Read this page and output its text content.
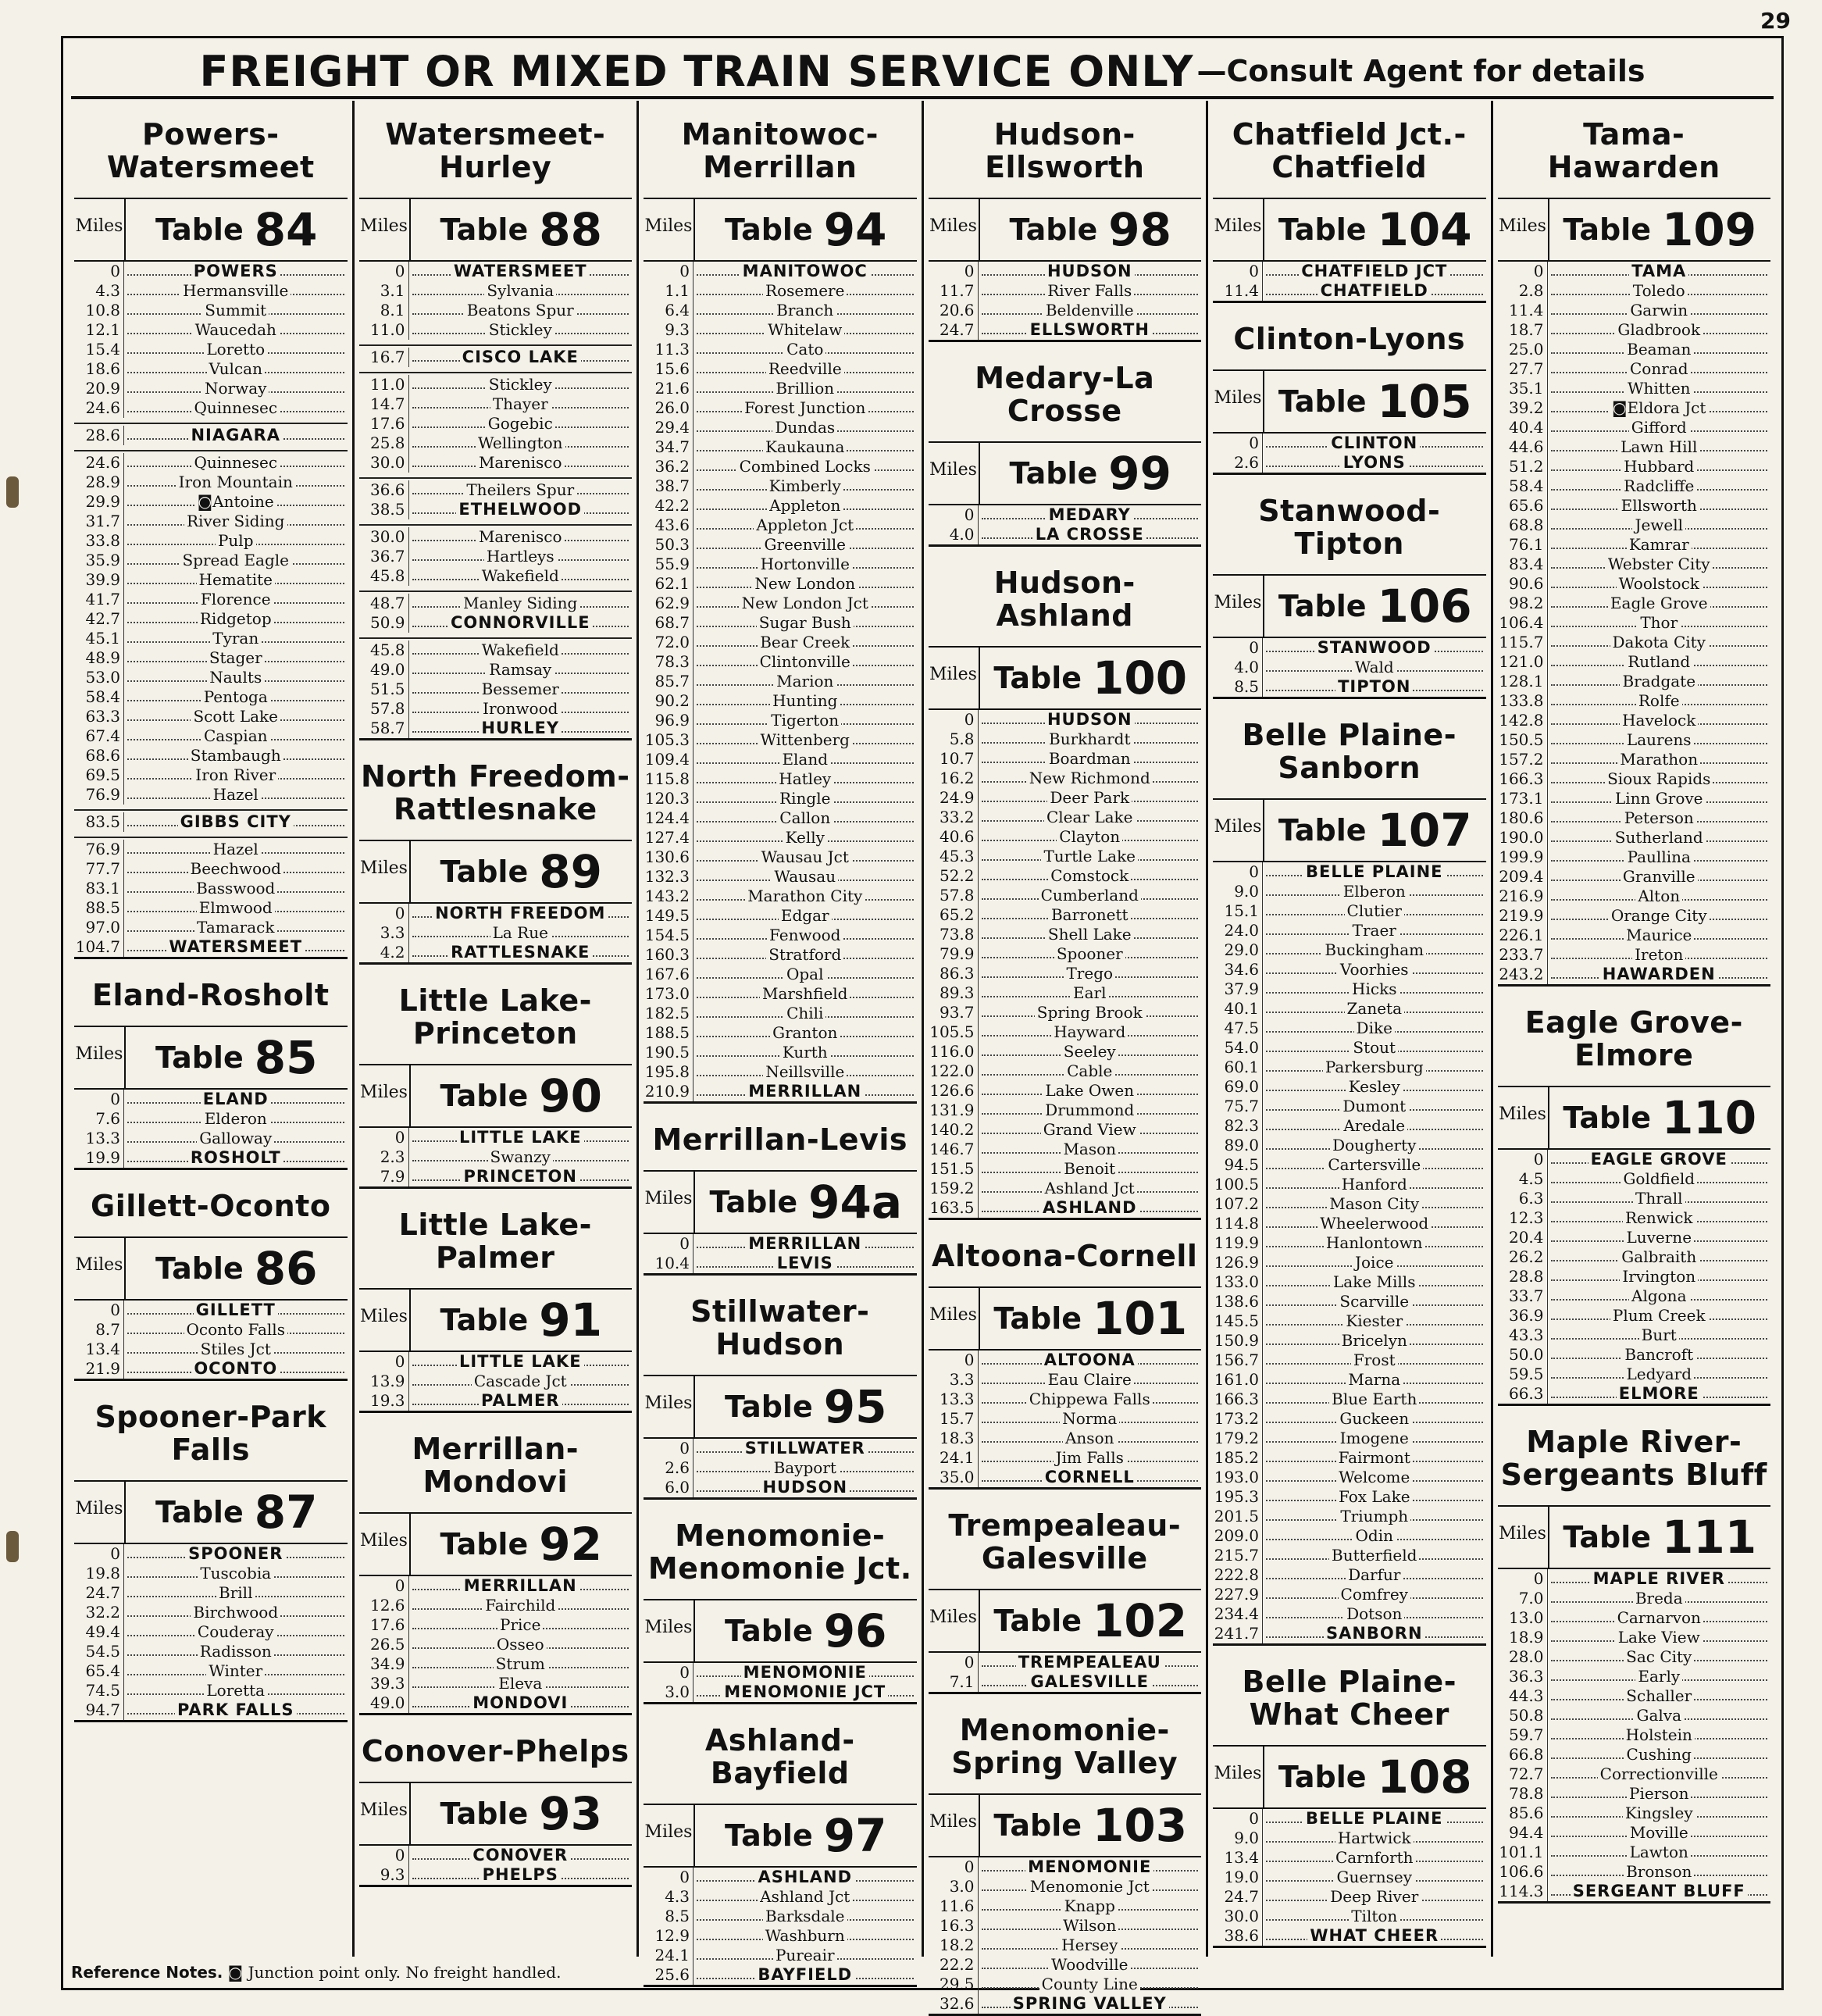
29
FREIGHT OR MIXED TRAIN SERVICE ONLY —Consult Agent for details
Powers-Watersmeet
Miles Table 84
0	POWERS
4.3	Hermansville
10.8	Summit
12.1	Waucedah
15.4	Loretto
18.6	Vulcan
20.9	Norway
24.6	Quinnesec
28.6	NIAGARA
24.6	Quinnesec
28.9	Iron Mountain
29.9	◙Antoine
31.7	River Siding
33.8	Pulp
35.9	Spread Eagle
39.9	Hematite
41.7	Florence
42.7	Ridgetop
45.1	Tyran
48.9	Stager
53.0	Naults
58.4	Pentoga
63.3	Scott Lake
67.4	Caspian
68.6	Stambaugh
69.5	Iron River
76.9	Hazel
83.5	GIBBS CITY
76.9	Hazel
77.7	Beechwood
83.1	Basswood
88.5	Elmwood
97.0	Tamarack
104.7	WATERSMEET
Eland-Rosholt
Miles Table 85
0	ELAND
7.6	Elderon
13.3	Galloway
19.9	ROSHOLT
Gillett-Oconto
Miles Table 86
0	GILLETT
8.7	Oconto Falls
13.4	Stiles Jct
21.9	OCONTO
Spooner-Park Falls
Miles Table 87
0	SPOONER
19.8	Tuscobia
24.7	Brill
32.2	Birchwood
49.4	Couderay
54.5	Radisson
65.4	Winter
74.5	Loretta
94.7	PARK FALLS
Watersmeet-Hurley
Miles Table 88
0	WATERSMEET
3.1	Sylvania
8.1	Beatons Spur
11.0	Stickley
16.7	CISCO LAKE
11.0	Stickley
14.7	Thayer
17.6	Gogebic
25.8	Wellington
30.0	Marenisco
36.6	Theilers Spur
38.5	ETHELWOOD
30.0	Marenisco
36.7	Hartleys
45.8	Wakefield
48.7	Manley Siding
50.9	CONNORVILLE
45.8	Wakefield
49.0	Ramsay
51.5	Bessemer
57.8	Ironwood
58.7	HURLEY
North Freedom-Rattlesnake
Miles Table 89
0	NORTH FREEDOM
3.3	La Rue
4.2	RATTLESNAKE
Little Lake-Princeton
Miles Table 90
0	LITTLE LAKE
2.3	Swanzy
7.9	PRINCETON
Little Lake-Palmer
Miles Table 91
0	LITTLE LAKE
13.9	Cascade Jct
19.3	PALMER
Merrillan-Mondovi
Miles Table 92
0	MERRILLAN
12.6	Fairchild
17.6	Price
26.5	Osseo
34.9	Strum
39.3	Eleva
49.0	MONDOVI
Conover-Phelps
Miles Table 93
0	CONOVER
9.3	PHELPS
Manitowoc-Merrillan
Miles Table 94
0	MANITOWOC
1.1	Rosemere
6.4	Branch
9.3	Whitelaw
11.3	Cato
15.6	Reedville
21.6	Brillion
26.0	Forest Junction
29.4	Dundas
34.7	Kaukauna
36.2	Combined Locks
38.7	Kimberly
42.2	Appleton
43.6	Appleton Jct
50.3	Greenville
55.9	Hortonville
62.1	New London
62.9	New London Jct
68.7	Sugar Bush
72.0	Bear Creek
78.3	Clintonville
85.7	Marion
90.2	Hunting
96.9	Tigerton
105.3	Wittenberg
109.4	Eland
115.8	Hatley
120.3	Ringle
124.4	Callon
127.4	Kelly
130.6	Wausau Jct
132.3	Wausau
143.2	Marathon City
149.5	Edgar
154.5	Fenwood
160.3	Stratford
167.6	Opal
173.0	Marshfield
182.5	Chili
188.5	Granton
190.5	Kurth
195.8	Neillsville
210.9	MERRILLAN
Merrillan-Levis
Miles Table 94a
0	MERRILLAN
10.4	LEVIS
Stillwater-Hudson
Miles Table 95
0	STILLWATER
2.6	Bayport
6.0	HUDSON
Menomonie-Menomonie Jct.
Miles Table 96
0	MENOMONIE
3.0	MENOMONIE JCT
Ashland-Bayfield
Miles Table 97
0	ASHLAND
4.3	Ashland Jct
8.5	Barksdale
12.9	Washburn
24.1	Pureair
25.6	BAYFIELD
Hudson-Ellsworth
Miles Table 98
0	HUDSON
11.7	River Falls
20.6	Beldenville
24.7	ELLSWORTH
Medary-La Crosse
Miles Table 99
0	MEDARY
4.0	LA CROSSE
Hudson-Ashland
Miles Table 100
0	HUDSON
5.8	Burkhardt
10.7	Boardman
16.2	New Richmond
24.9	Deer Park
33.2	Clear Lake
40.6	Clayton
45.3	Turtle Lake
52.2	Comstock
57.8	Cumberland
65.2	Barronett
73.8	Shell Lake
79.9	Spooner
86.3	Trego
89.3	Earl
93.7	Spring Brook
105.5	Hayward
116.0	Seeley
122.0	Cable
126.6	Lake Owen
131.9	Drummond
140.2	Grand View
146.7	Mason
151.5	Benoit
159.2	Ashland Jct
163.5	ASHLAND
Altoona-Cornell
Miles Table 101
0	ALTOONA
3.3	Eau Claire
13.3	Chippewa Falls
15.7	Norma
18.3	Anson
24.1	Jim Falls
35.0	CORNELL
Trempealeau-Galesville
Miles Table 102
0	TREMPEALEAU
7.1	GALESVILLE
Menomonie-Spring Valley
Miles Table 103
0	MENOMONIE
3.0	Menomonie Jct
11.6	Knapp
16.3	Wilson
18.2	Hersey
22.2	Woodville
29.5	County Line
32.6	SPRING VALLEY
Chatfield Jct.-Chatfield
Miles Table 104
0	CHATFIELD JCT
11.4	CHATFIELD
Clinton-Lyons
Miles Table 105
0	CLINTON
2.6	LYONS
Stanwood-Tipton
Miles Table 106
0	STANWOOD
4.0	Wald
8.5	TIPTON
Belle Plaine-Sanborn
Miles Table 107
0	BELLE PLAINE
9.0	Elberon
15.1	Clutier
24.0	Traer
29.0	Buckingham
34.6	Voorhies
37.9	Hicks
40.1	Zaneta
47.5	Dike
54.0	Stout
60.1	Parkersburg
69.0	Kesley
75.7	Dumont
82.3	Aredale
89.0	Dougherty
94.5	Cartersville
100.5	Hanford
107.2	Mason City
114.8	Wheelerwood
119.9	Hanlontown
126.9	Joice
133.0	Lake Mills
138.6	Scarville
145.5	Kiester
150.9	Bricelyn
156.7	Frost
161.0	Marna
166.3	Blue Earth
173.2	Guckeen
179.2	Imogene
185.2	Fairmont
193.0	Welcome
195.3	Fox Lake
201.5	Triumph
209.0	Odin
215.7	Butterfield
222.8	Darfur
227.9	Comfrey
234.4	Dotson
241.7	SANBORN
Belle Plaine-What Cheer
Miles Table 108
0	BELLE PLAINE
9.0	Hartwick
13.4	Carnforth
19.0	Guernsey
24.7	Deep River
30.0	Tilton
38.6	WHAT CHEER
Tama-Hawarden
Miles Table 109
0	TAMA
2.8	Toledo
11.4	Garwin
18.7	Gladbrook
25.0	Beaman
27.7	Conrad
35.1	Whitten
39.2	◙Eldora Jct
40.4	Gifford
44.6	Lawn Hill
51.2	Hubbard
58.4	Radcliffe
65.6	Ellsworth
68.8	Jewell
76.1	Kamrar
83.4	Webster City
90.6	Woolstock
98.2	Eagle Grove
106.4	Thor
115.7	Dakota City
121.0	Rutland
128.1	Bradgate
133.8	Rolfe
142.8	Havelock
150.5	Laurens
157.2	Marathon
166.3	Sioux Rapids
173.1	Linn Grove
180.6	Peterson
190.0	Sutherland
199.9	Paullina
209.4	Granville
216.9	Alton
219.9	Orange City
226.1	Maurice
233.7	Ireton
243.2	HAWARDEN
Eagle Grove-Elmore
Miles Table 110
0	EAGLE GROVE
4.5	Goldfield
6.3	Thrall
12.3	Renwick
20.4	Luverne
26.2	Galbraith
28.8	Irvington
33.7	Algona
36.9	Plum Creek
43.3	Burt
50.0	Bancroft
59.5	Ledyard
66.3	ELMORE
Maple River-Sergeants Bluff
Miles Table 111
0	MAPLE RIVER
7.0	Breda
13.0	Carnarvon
18.9	Lake View
28.0	Sac City
36.3	Early
44.3	Schaller
50.8	Galva
59.7	Holstein
66.8	Cushing
72.7	Correctionville
78.8	Pierson
85.6	Kingsley
94.4	Moville
101.1	Lawton
106.6	Bronson
114.3	SERGEANT BLUFF
Reference Notes. ◙ Junction point only. No freight handled.
